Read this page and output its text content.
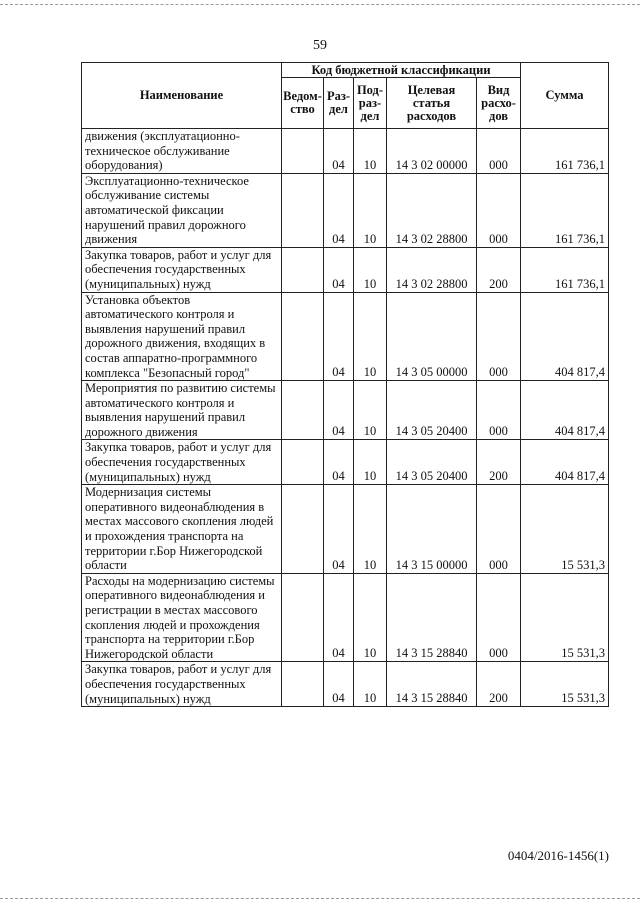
59
Наименование	Код бюджетной классификации					Сумма
	Ведом-ство	Раз-дел	Под-раз-дел	Целевая статья расходов	Вид расхо-дов	
движения (эксплуатационно-техническое обслуживание оборудования)		04	10	14 3 02 00000	000	161 736,1
Эксплуатационно-техническое обслуживание системы автоматической фиксации нарушений правил дорожного движения		04	10	14 3 02 28800	000	161 736,1
Закупка товаров, работ и услуг для обеспечения государственных (муниципальных) нужд		04	10	14 3 02 28800	200	161 736,1
Установка объектов автоматического контроля и выявления нарушений правил дорожного движения, входящих в состав аппаратно-программного комплекса "Безопасный город"		04	10	14 3 05 00000	000	404 817,4
Мероприятия по развитию системы автоматического контроля и выявления нарушений правил дорожного движения		04	10	14 3 05 20400	000	404 817,4
Закупка товаров, работ и услуг для обеспечения государственных (муниципальных) нужд		04	10	14 3 05 20400	200	404 817,4
Модернизация системы оперативного видеонаблюдения в местах массового скопления людей и прохождения транспорта на территории г.Бор Нижегородской области		04	10	14 3 15 00000	000	15 531,3
Расходы на модернизацию системы оперативного видеонаблюдения и регистрации в местах массового скопления людей и прохождения транспорта на территории г.Бор Нижегородской области		04	10	14 3 15 28840	000	15 531,3
Закупка товаров, работ и услуг для обеспечения государственных (муниципальных) нужд		04	10	14 3 15 28840	200	15 531,3
0404/2016-1456(1)
